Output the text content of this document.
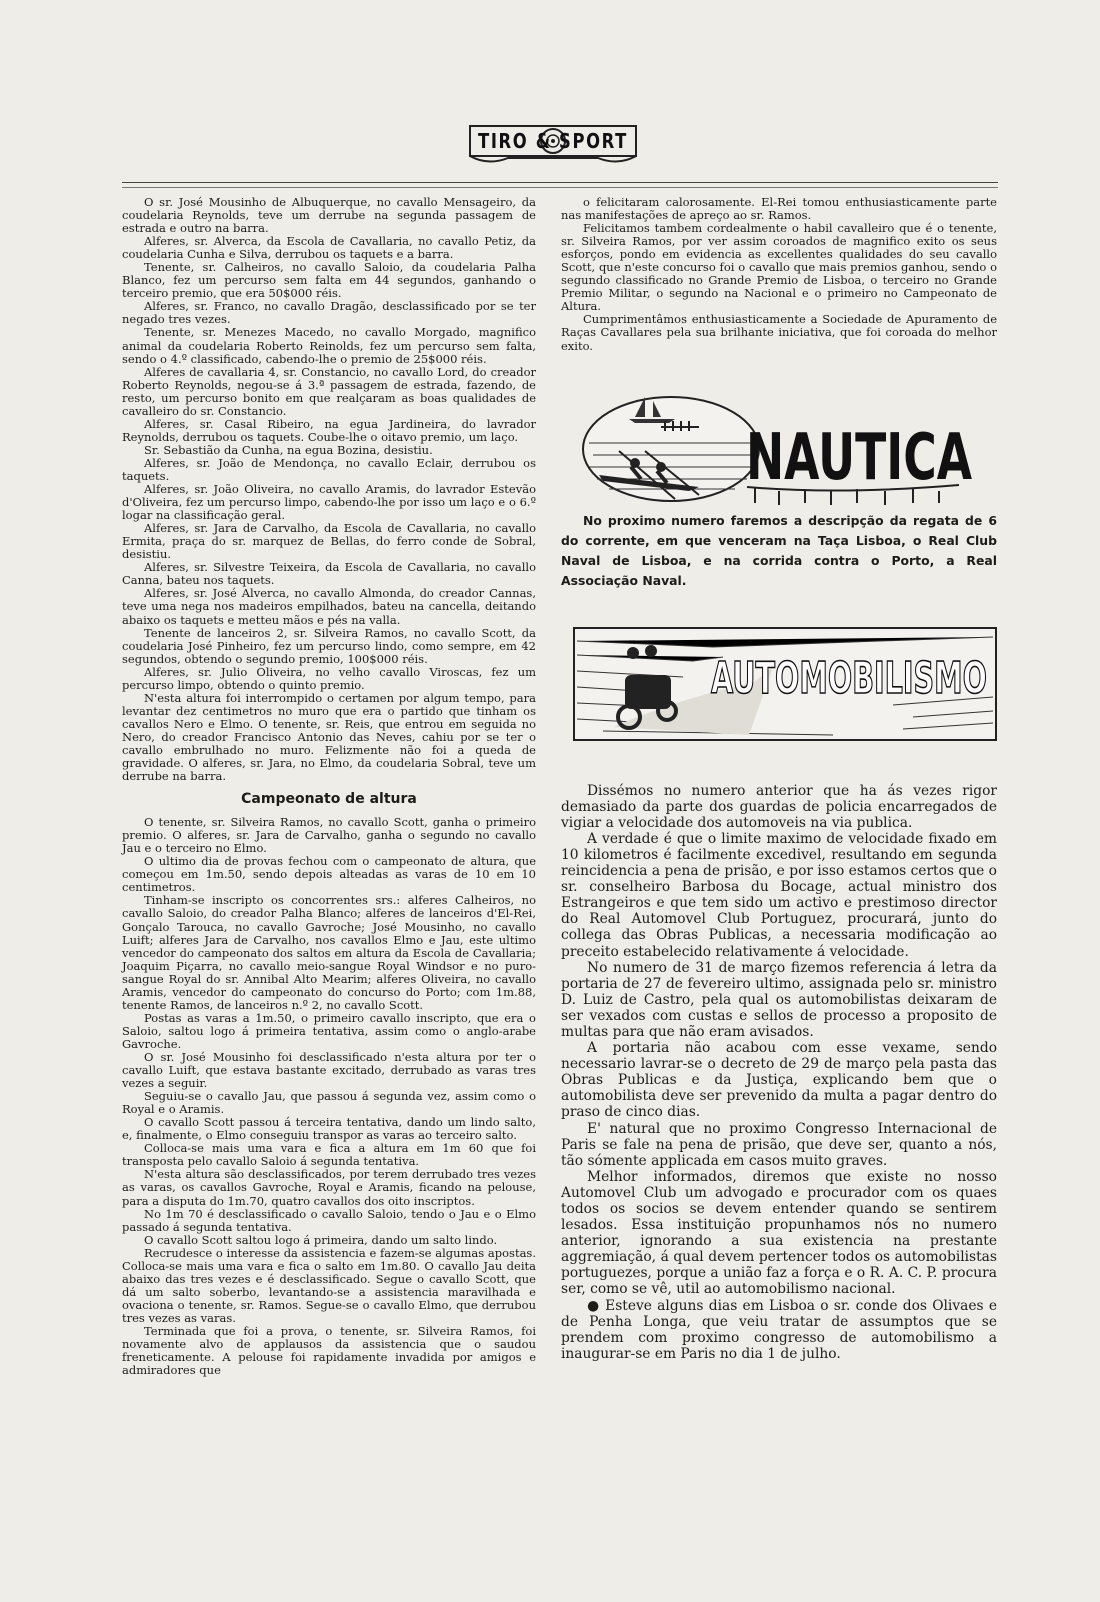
TIRO & SPORT

O sr. José Mousinho de Albuquerque, no cavallo Mensageiro, da coudelaria Reynolds, teve um derrube na segunda passagem de estrada e outro na barra.

Alferes, sr. Alverca, da Escola de Cavallaria, no cavallo Petiz, da coudelaria Cunha e Silva, derrubou os taquets e a barra.

Tenente, sr. Calheiros, no cavallo Saloio, da coudelaria Palha Blanco, fez um percurso sem falta em 44 segundos, ganhando o terceiro premio, que era 50$000 réis.

Alferes, sr. Franco, no cavallo Dragão, desclassificado por se ter negado tres vezes.

Tenente, sr. Menezes Macedo, no cavallo Morgado, magnifico animal da coudelaria Roberto Reinolds, fez um percurso sem falta, sendo o 4.º classificado, cabendo-lhe o premio de 25$000 réis.

Alferes de cavallaria 4, sr. Constancio, no cavallo Lord, do creador Roberto Reynolds, negou-se á 3.ª passagem de estrada, fazendo, de resto, um percurso bonito em que realçaram as boas qualidades de cavalleiro do sr. Constancio.

Alferes, sr. Casal Ribeiro, na egua Jardineira, do lavrador Reynolds, derrubou os taquets. Coube-lhe o oitavo premio, um laço.

Sr. Sebastião da Cunha, na egua Bozina, desistiu.

Alferes, sr. João de Mendonça, no cavallo Eclair, derrubou os taquets.

Alferes, sr. João Oliveira, no cavallo Aramis, do lavrador Estevão d'Oliveira, fez um percurso limpo, cabendo-lhe por isso um laço e o 6.º logar na classificação geral.

Alferes, sr. Jara de Carvalho, da Escola de Cavallaria, no cavallo Ermita, praça do sr. marquez de Bellas, do ferro conde de Sobral, desistiu.

Alferes, sr. Silvestre Teixeira, da Escola de Cavallaria, no cavallo Canna, bateu nos taquets.

Alferes, sr. José Alverca, no cavallo Almonda, do creador Cannas, teve uma nega nos madeiros empilhados, bateu na cancella, deitando abaixo os taquets e metteu mãos e pés na valla.

Tenente de lanceiros 2, sr. Silveira Ramos, no cavallo Scott, da coudelaria José Pinheiro, fez um percurso lindo, como sempre, em 42 segundos, obtendo o segundo premio, 100$000 réis.

Alferes, sr. Julio Oliveira, no velho cavallo Viroscas, fez um percurso limpo, obtendo o quinto premio.

N'esta altura foi interrompido o certamen por algum tempo, para levantar dez centimetros no muro que era o partido que tinham os cavallos Nero e Elmo. O tenente, sr. Reis, que entrou em seguida no Nero, do creador Francisco Antonio das Neves, cahiu por se ter o cavallo embrulhado no muro. Felizmente não foi a queda de gravidade. O alferes, sr. Jara, no Elmo, da coudelaria Sobral, teve um derrube na barra.

Campeonato de altura

O tenente, sr. Silveira Ramos, no cavallo Scott, ganha o primeiro premio. O alferes, sr. Jara de Carvalho, ganha o segundo no cavallo Jau e o terceiro no Elmo.

O ultimo dia de provas fechou com o campeonato de altura, que começou em 1m.50, sendo depois alteadas as varas de 10 em 10 centimetros.

Tinham-se inscripto os concorrentes srs.: alferes Calheiros, no cavallo Saloio, do creador Palha Blanco; alferes de lanceiros d'El-Rei, Gonçalo Tarouca, no cavallo Gavroche; José Mousinho, no cavallo Luift; alferes Jara de Carvalho, nos cavallos Elmo e Jau, este ultimo vencedor do campeonato dos saltos em altura da Escola de Cavallaria; Joaquim Piçarra, no cavallo meio-sangue Royal Windsor e no puro-sangue Royal do sr. Annibal Alto Mearim; alferes Oliveira, no cavallo Aramis, vencedor do campeonato do concurso do Porto; com 1m.88, tenente Ramos, de lanceiros n.º 2, no cavallo Scott.

Postas as varas a 1m.50, o primeiro cavallo inscripto, que era o Saloio, saltou logo á primeira tentativa, assim como o anglo-arabe Gavroche.

O sr. José Mousinho foi desclassificado n'esta altura por ter o cavallo Luift, que estava bastante excitado, derrubado as varas tres vezes a seguir.

Seguiu-se o cavallo Jau, que passou á segunda vez, assim como o Royal e o Aramis.

O cavallo Scott passou á terceira tentativa, dando um lindo salto, e, finalmente, o Elmo conseguiu transpor as varas ao terceiro salto.

Colloca-se mais uma vara e fica a altura em 1m 60 que foi transposta pelo cavallo Saloio á segunda tentativa.

N'esta altura são desclassificados, por terem derrubado tres vezes as varas, os cavallos Gavroche, Royal e Aramis, ficando na pelouse, para a disputa do 1m.70, quatro cavallos dos oito inscriptos.

No 1m 70 é desclassificado o cavallo Saloio, tendo o Jau e o Elmo passado á segunda tentativa.

O cavallo Scott saltou logo á primeira, dando um salto lindo.

Recrudesce o interesse da assistencia e fazem-se algumas apostas. Colloca-se mais uma vara e fica o salto em 1m.80. O cavallo Jau deita abaixo das tres vezes e é desclassificado. Segue o cavallo Scott, que dá um salto soberbo, levantando-se a assistencia maravilhada e ovaciona o tenente, sr. Ramos. Segue-se o cavallo Elmo, que derrubou tres vezes as varas.

Terminada que foi a prova, o tenente, sr. Silveira Ramos, foi novamente alvo de applausos da assistencia que o saudou freneticamente. A pelouse foi rapidamente invadida por amigos e admiradores que

o felicitaram calorosamente. El-Rei tomou enthusiasticamente parte nas manifestações de apreço ao sr. Ramos.

Felicitamos tambem cordealmente o habil cavalleiro que é o tenente, sr. Silveira Ramos, por ver assim coroados de magnifico exito os seus esforços, pondo em evidencia as excellentes qualidades do seu cavallo Scott, que n'este concurso foi o cavallo que mais premios ganhou, sendo o segundo classificado no Grande Premio de Lisboa, o terceiro no Grande Premio Militar, o segundo na Nacional e o primeiro no Campeonato de Altura.

Cumprimentâmos enthusiasticamente a Sociedade de Apuramento de Raças Cavallares pela sua brilhante iniciativa, que foi coroada do melhor exito.

NAUTICA

No proximo numero faremos a descripção da regata de 6 do corrente, em que venceram na Taça Lisboa, o Real Club Naval de Lisboa, e na corrida contra o Porto, a Real Associação Naval.

AUTOMOBILISMO

Dissémos no numero anterior que ha ás vezes rigor demasiado da parte dos guardas de policia encarregados de vigiar a velocidade dos automoveis na via publica.

A verdade é que o limite maximo de velocidade fixado em 10 kilometros é facilmente excedivel, resultando em segunda reincidencia a pena de prisão, e por isso estamos certos que o sr. conselheiro Barbosa du Bocage, actual ministro dos Estrangeiros e que tem sido um activo e prestimoso director do Real Automovel Club Portuguez, procurará, junto do collega das Obras Publicas, a necessaria modificação ao preceito estabelecido relativamente á velocidade.

No numero de 31 de março fizemos referencia á letra da portaria de 27 de fevereiro ultimo, assignada pelo sr. ministro D. Luiz de Castro, pela qual os automobilistas deixaram de ser vexados com custas e sellos de processo a proposito de multas para que não eram avisados.

A portaria não acabou com esse vexame, sendo necessario lavrar-se o decreto de 29 de março pela pasta das Obras Publicas e da Justiça, explicando bem que o automobilista deve ser prevenido da multa a pagar dentro do praso de cinco dias.

E' natural que no proximo Congresso Internacional de Paris se fale na pena de prisão, que deve ser, quanto a nós, tão sómente applicada em casos muito graves.

Melhor informados, diremos que existe no nosso Automovel Club um advogado e procurador com os quaes todos os socios se devem entender quando se sentirem lesados. Essa instituição propunhamos nós no numero anterior, ignorando a sua existencia na prestante aggremiação, á qual devem pertencer todos os automobilistas portuguezes, porque a união faz a força e o R. A. C. P. procura ser, como se vê, util ao automobilismo nacional.

● Esteve alguns dias em Lisboa o sr. conde dos Olivaes e de Penha Longa, que veiu tratar de assumptos que se prendem com proximo congresso de automobilismo a inaugurar-se em Paris no dia 1 de julho.
